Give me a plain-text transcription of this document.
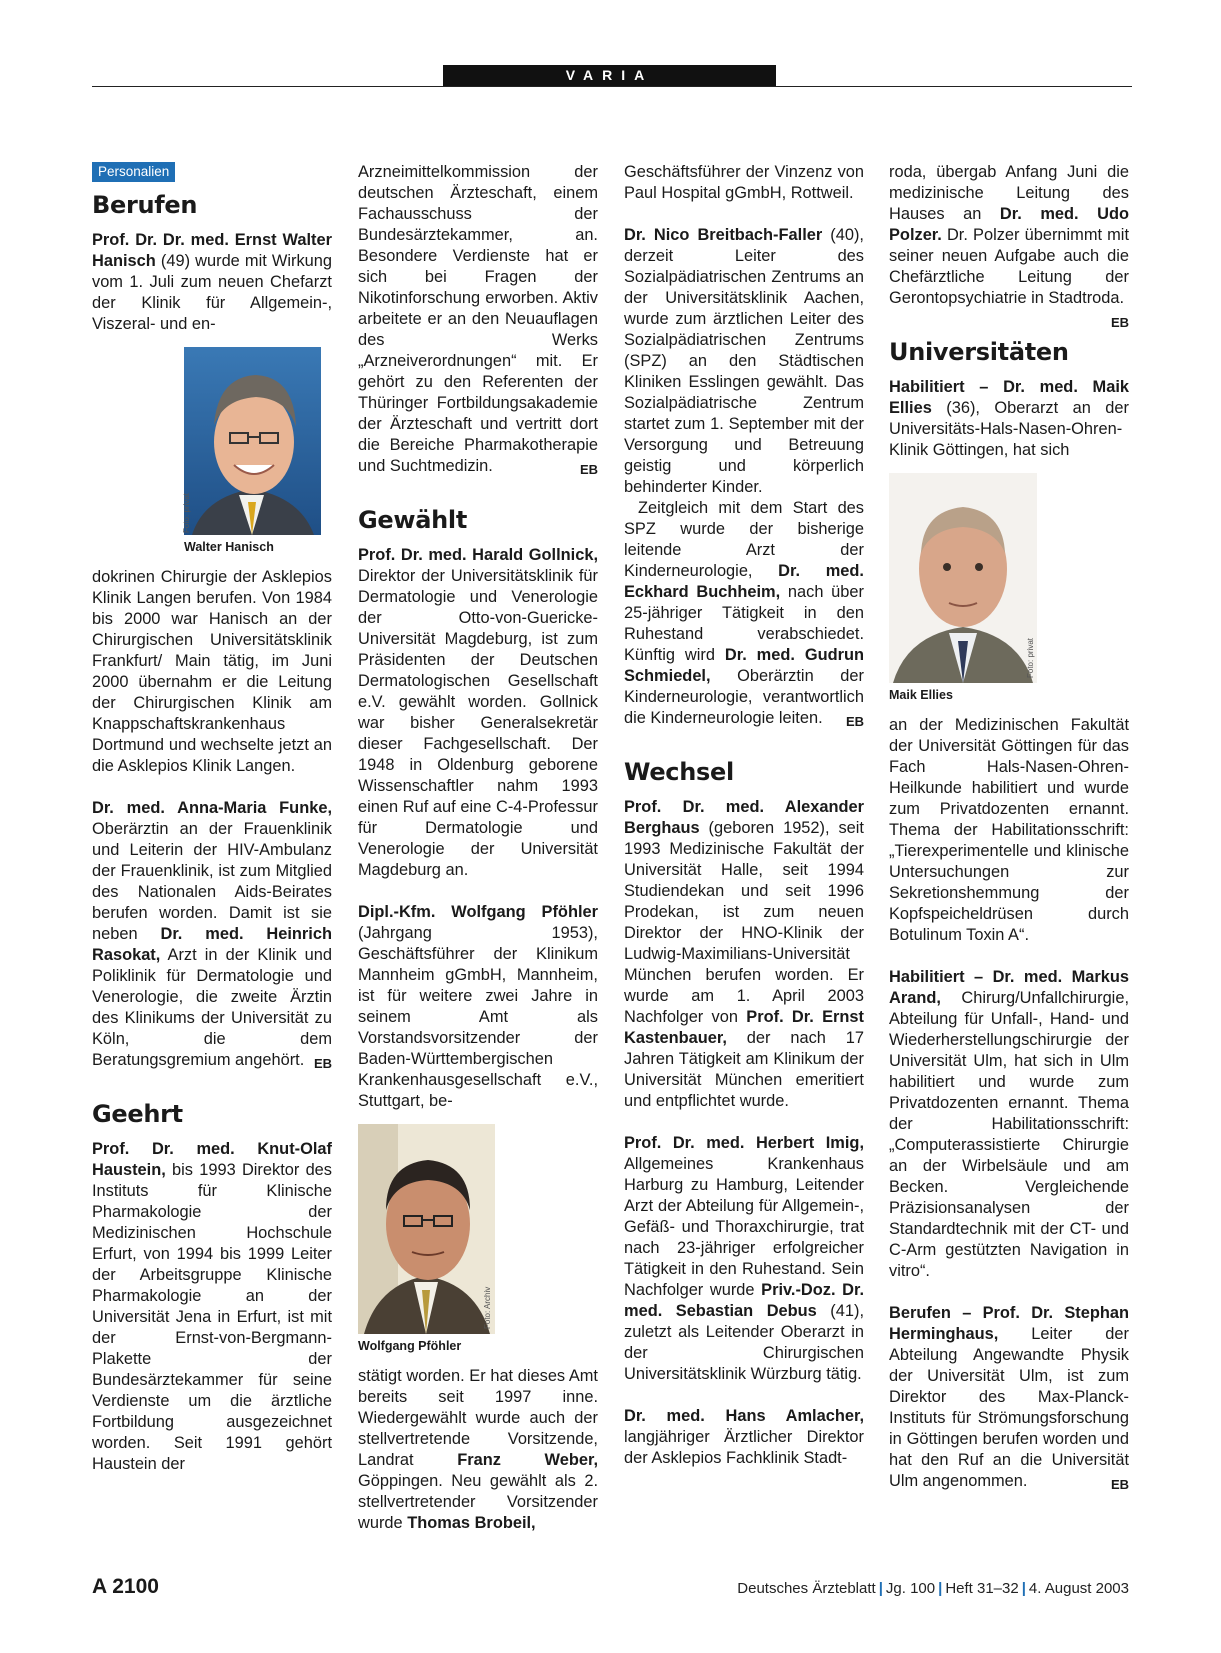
VARIA
Personalien
Berufen

Prof. Dr. Dr. med. Ernst Walter Hanisch (49) wurde mit Wirkung vom 1. Juli zum neuen Chefarzt der Klinik für Allgemein-, Viszeral- und en-

Foto: privat
Walter Hanisch

dokrinen Chirurgie der Asklepios Klinik Langen berufen. Von 1984 bis 2000 war Hanisch an der Chirurgischen Universitätsklinik Frankfurt/ Main tätig, im Juni 2000 übernahm er die Leitung der Chirurgischen Klinik am Knappschaftskrankenhaus Dortmund und wechselte jetzt an die Asklepios Klinik Langen.

Dr. med. Anna-Maria Funke, Oberärztin an der Frauenklinik und Leiterin der HIV-Ambulanz der Frauenklinik, ist zum Mitglied des Nationalen Aids-Beirates berufen worden. Damit ist sie neben Dr. med. Heinrich Rasokat, Arzt in der Klinik und Poliklinik für Dermatologie und Venerologie, die zweite Ärztin des Klinikums der Universität zu Köln, die dem Beratungsgremium angehört. EB

Geehrt

Prof. Dr. med. Knut-Olaf Haustein, bis 1993 Direktor des Instituts für Klinische Pharmakologie der Medizinischen Hochschule Erfurt, von 1994 bis 1999 Leiter der Arbeitsgruppe Klinische Pharmakologie an der Universität Jena in Erfurt, ist mit der Ernst-von-Bergmann-Plakette der Bundesärztekammer für seine Verdienste um die ärztliche Fortbildung ausgezeichnet worden. Seit 1991 gehört Haustein der

Arzneimittelkommission der deutschen Ärzteschaft, einem Fachausschuss der Bundesärztekammer, an. Besondere Verdienste hat er sich bei Fragen der Nikotinforschung erworben. Aktiv arbeitete er an den Neuauflagen des Werks „Arzneiverordnungen“ mit. Er gehört zu den Referenten der Thüringer Fortbildungsakademie der Ärzteschaft und vertritt dort die Bereiche Pharmakotherapie und Suchtmedizin.	EB

Gewählt

Prof. Dr. med. Harald Gollnick, Direktor der Universitätsklinik für Dermatologie und Venerologie der Otto-von-Guericke-Universität Magdeburg, ist zum Präsidenten der Deutschen Dermatologischen Gesellschaft e.V. gewählt worden. Gollnick war bisher Generalsekretär dieser Fachgesellschaft. Der 1948 in Oldenburg geborene Wissenschaftler nahm 1993 einen Ruf auf eine C-4-Professur für Dermatologie und Venerologie der Universität Magdeburg an.

Dipl.-Kfm. Wolfgang Pföhler (Jahrgang 1953), Geschäftsführer der Klinikum Mannheim gGmbH, Mannheim, ist für weitere zwei Jahre in seinem Amt als Vorstandsvorsitzender der Baden-Württembergischen Krankenhausgesellschaft e.V., Stuttgart, be-

Foto: Archiv
Wolfgang Pföhler

stätigt worden. Er hat dieses Amt bereits seit 1997 inne. Wiedergewählt wurde auch der stellvertretende Vorsitzende, Landrat Franz Weber, Göppingen. Neu gewählt als 2. stellvertretender Vorsitzender wurde Thomas Brobeil,

Geschäftsführer der Vinzenz von Paul Hospital gGmbH, Rottweil.

Dr. Nico Breitbach-Faller (40), derzeit Leiter des Sozialpädiatrischen Zentrums an der Universitätsklinik Aachen, wurde zum ärztlichen Leiter des Sozialpädiatrischen Zentrums (SPZ) an den Städtischen Kliniken Esslingen gewählt. Das Sozialpädiatrische Zentrum startet zum 1. September mit der Versorgung und Betreuung geistig und körperlich behinderter Kinder.

Zeitgleich mit dem Start des SPZ wurde der bisherige leitende Arzt der Kinderneurologie, Dr. med. Eckhard Buchheim, nach über 25-jähriger Tätigkeit in den Ruhestand verabschiedet. Künftig wird Dr. med. Gudrun Schmiedel, Oberärztin der Kinderneurologie, verantwortlich die Kinderneurologie leiten.	EB

Wechsel

Prof. Dr. med. Alexander Berghaus (geboren 1952), seit 1993 Medizinische Fakultät der Universität Halle, seit 1994 Studiendekan und seit 1996 Prodekan, ist zum neuen Direktor der HNO-Klinik der Ludwig-Maximilians-Universität München berufen worden. Er wurde am 1. April 2003 Nachfolger von Prof. Dr. Ernst Kastenbauer, der nach 17 Jahren Tätigkeit am Klinikum der Universität München emeritiert und entpflichtet wurde.

Prof. Dr. med. Herbert Imig, Allgemeines Krankenhaus Harburg zu Hamburg, Leitender Arzt der Abteilung für Allgemein-, Gefäß- und Thoraxchirurgie, trat nach 23-jähriger erfolgreicher Tätigkeit in den Ruhestand. Sein Nachfolger wurde Priv.-Doz. Dr. med. Sebastian Debus (41), zuletzt als Leitender Oberarzt in der Chirurgischen Universitätsklinik Würzburg tätig.

Dr. med. Hans Amlacher, langjähriger Ärztlicher Direktor der Asklepios Fachklinik Stadt-

roda, übergab Anfang Juni die medizinische Leitung des Hauses an Dr. med. Udo Polzer. Dr. Polzer übernimmt mit seiner neuen Aufgabe auch die Chefärztliche Leitung der Gerontopsychiatrie in Stadtroda.
EB

Universitäten

Habilitiert – Dr. med. Maik Ellies (36), Oberarzt an der Universitäts-Hals-Nasen-Ohren-Klinik Göttingen, hat sich

Foto: privat
Maik Ellies

an der Medizinischen Fakultät der Universität Göttingen für das Fach Hals-Nasen-Ohren-Heilkunde habilitiert und wurde zum Privatdozenten ernannt. Thema der Habilitationsschrift: „Tierexperimentelle und klinische Untersuchungen zur Sekretionshemmung der Kopfspeicheldrüsen durch Botulinum Toxin A“.

Habilitiert – Dr. med. Markus Arand, Chirurg/Unfallchirurgie, Abteilung für Unfall-, Hand- und Wiederherstellungschirurgie der Universität Ulm, hat sich in Ulm habilitiert und wurde zum Privatdozenten ernannt. Thema der Habilitationsschrift: „Computerassistierte Chirurgie an der Wirbelsäule und am Becken. Vergleichende Präzisionsanalysen der Standardtechnik mit der CT- und C-Arm gestützten Navigation in vitro“.

Berufen – Prof. Dr. Stephan Herminghaus, Leiter der Abteilung Angewandte Physik der Universität Ulm, ist zum Direktor des Max-Planck-Instituts für Strömungsforschung in Göttingen berufen worden und hat den Ruf an die Universität Ulm angenommen.	EB

A 2100	Deutsches Ärzteblatt | Jg. 100 | Heft 31–32 | 4. August 2003
